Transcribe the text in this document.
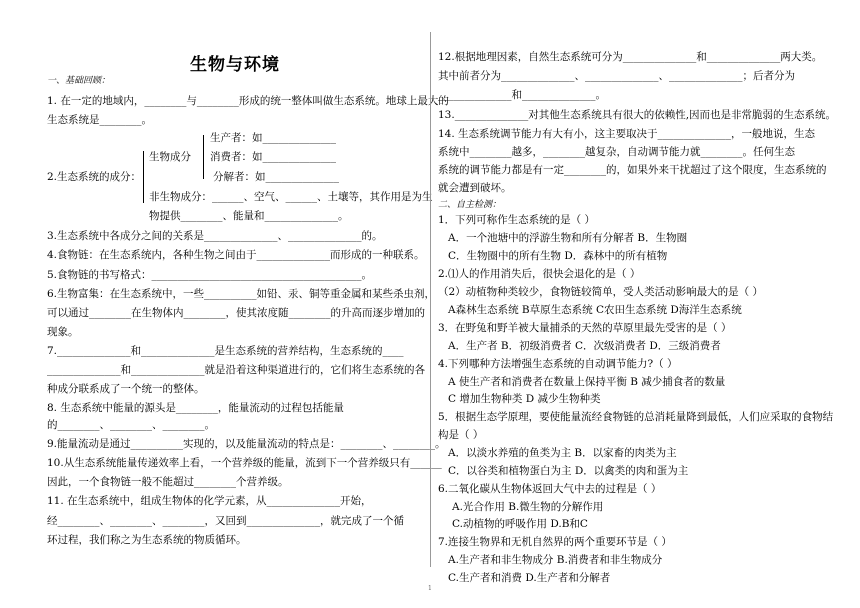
生物与环境
一、基础回顾：
1. 在一定的地域内，________与________形成的统一整体叫做生态系统。地球上最大的
生态系统是________。
生产者：如______________
生物成分 消费者：如______________
2.生态系统的成分：	分解者：如______________
非生物成分：______、空气、______、土壤等，其作用是为生
物提供________、能量和______________。
3.生态系统中各成分之间的关系是______________、______________的。
4.食物链：在生态系统内，各种生物之间由于______________而形成的一种联系。
5.食物链的书写格式：________________________________________。
6.生物富集：在生态系统中，一些__________如铅、汞、铜等重金属和某些杀虫剂，
可以通过________在生物体内________，使其浓度随________的升高而逐步增加的
现象。
7.______________和______________是生态系统的营养结构，生态系统的____
______________和______________就是沿着这种渠道进行的，它们将生态系统的各
种成分联系成了一个统一的整体。
8. 生态系统中能量的源头是________，能量流动的过程包括能量
的________、________、________。
9.能量流动是通过__________实现的，以及能量流动的特点是：________、________。
10.从生态系统能量传递效率上看，一个营养级的能量，流到下一个营养级只有______
因此，一个食物链一般不能超过________个营养级。
11. 在生态系统中，组成生物体的化学元素，从______________开始，
经________、________、________，又回到______________，就完成了一个循
环过程，我们称之为生态系统的物质循环。
12.根据地理因素，自然生态系统可分为______________和______________两大类。
其中前者分为______________、______________、______________；后者分为
______________和______________。
13.______________对其他生态系统具有很大的依赖性,因而也是非常脆弱的生态系统。
14. 生态系统调节能力有大有小，这主要取决于______________，一般地说，生态
系统中________越多，________越复杂，自动调节能力就________。任何生态
系统的调节能力都是有一定________的，如果外来干扰超过了这个限度，生态系统的
就会遭到破坏。
二、自主检测：
1．下列可称作生态系统的是（ ）
A．一个池塘中的浮游生物和所有分解者 B．生物圈
C．生物圈中的所有生物 D．森林中的所有植物
2.⑴人的作用消失后，很快会退化的是（ ）
（2）动植物种类较少，食物链较简单，受人类活动影响最大的是（ ）
A森林生态系统 B草原生态系统 C农田生态系统 D海洋生态系统
3．在野兔和野羊被大量捕杀的天然的草原里最先受害的是（ ）
A．生产者 B．初级消费者 C．次级消费者 D．三级消费者
4.下列哪种方法增强生态系统的自动调节能力?（ ）
A 使生产者和消费者在数量上保持平衡 B 减少捕食者的数量
C 增加生物种类 D 减少生物种类
5．根据生态学原理，要使能量流经食物链的总消耗量降到最低，人们应采取的食物结
构是（ ）
A．以淡水养殖的鱼类为主 B．以家畜的肉类为主
C．以谷类和植物蛋白为主 D．以禽类的肉和蛋为主
6.二氧化碳从生物体返回大气中去的过程是（ ）
A.光合作用 B.微生物的分解作用
C.动植物的呼吸作用 D.B和C
7.连接生物界和无机自然界的两个重要环节是（ ）
A.生产者和非生物成分 B.消费者和非生物成分
C.生产者和消费 D.生产者和分解者
1
